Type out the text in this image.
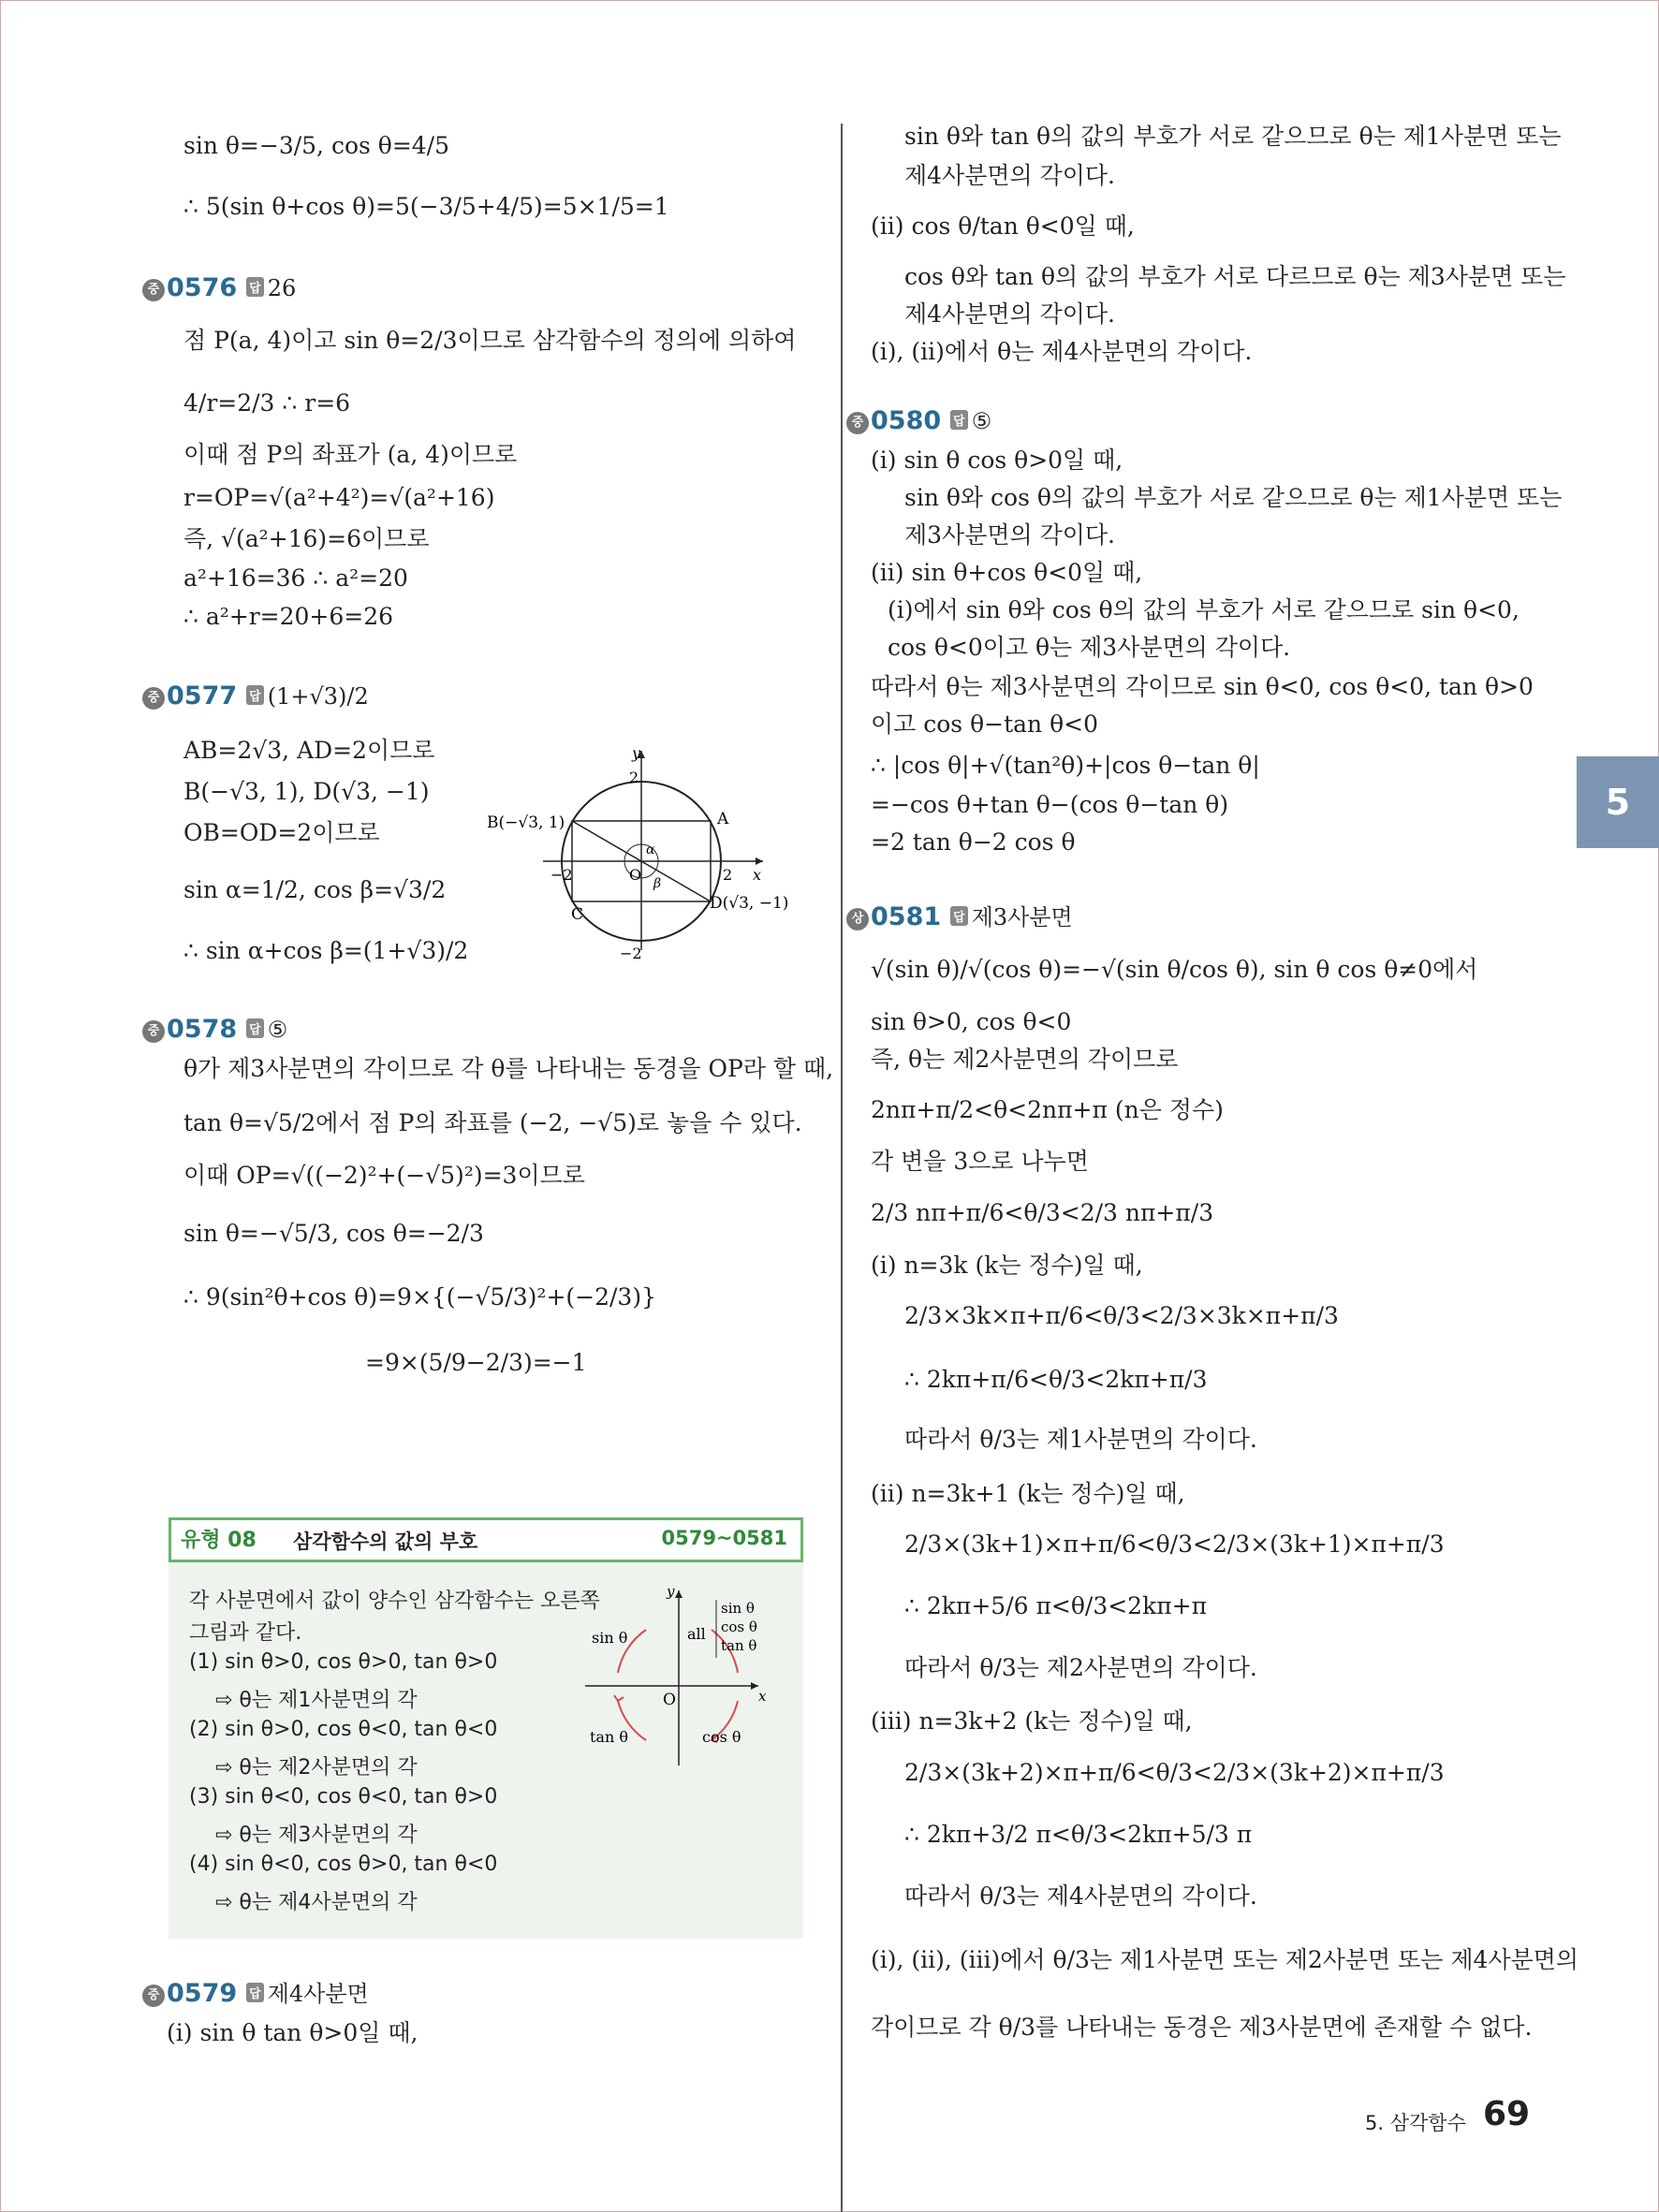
sin θ=−3/5, cos θ=4/5
∴ 5(sin θ+cos θ)=5(−3/5+4/5)=5×1/5=1
중 0576 답 26
점 P(a, 4)이고 sin θ=2/3이므로 삼각함수의 정의에 의하여
4/r=2/3 ∴ r=6
이때 점 P의 좌표가 (a, 4)이므로
r=OP=√(a²+4²)=√(a²+16)
즉, √(a²+16)=6이므로
a²+16=36 ∴ a²=20
∴ a²+r=20+6=26
중 0577 답 (1+√3)/2
AB=2√3, AD=2이므로
B(−√3, 1), D(√3, −1)
OB=OD=2이므로
sin α=1/2, cos β=√3/2
∴ sin α+cos β=(1+√3)/2
중 0578 답 ⑤
θ가 제3사분면의 각이므로 각 θ를 나타내는 동경을 OP라 할 때,
tan θ=√5/2에서 점 P의 좌표를 (−2, −√5)로 놓을 수 있다.
이때 OP=√((−2)²+(−√5)²)=3이므로
sin θ=−√5/3, cos θ=−2/3
∴ 9(sin²θ+cos θ)=9×{(−√5/3)²+(−2/3)}
=9×(5/9−2/3)=−1
중 0579 답 제4사분면
(i) sin θ tan θ>0일 때,
y
2
−2	2 x
−2
O
A
B(−√3, 1)
C
D(√3, −1)
α
β
유형 08 삼각함수의 값의 부호	0579~0581
각 사분면에서 값이 양수인 삼각함수는 오른쪽
그림과 같다.
(1) sin θ>0, cos θ>0, tan θ>0
⇨ θ는 제1사분면의 각
(2) sin θ>0, cos θ<0, tan θ<0
⇨ θ는 제2사분면의 각
(3) sin θ<0, cos θ<0, tan θ>0
⇨ θ는 제3사분면의 각
(4) sin θ<0, cos θ>0, tan θ<0
⇨ θ는 제4사분면의 각
y
x
O
sin θ	all
sin θ
cos θ
tan θ
tan θ	cos θ
sin θ와 tan θ의 값의 부호가 서로 같으므로 θ는 제1사분면 또는
제4사분면의 각이다.
(ii) cos θ/tan θ<0일 때,
cos θ와 tan θ의 값의 부호가 서로 다르므로 θ는 제3사분면 또는
제4사분면의 각이다.
(i), (ii)에서 θ는 제4사분면의 각이다.
중 0580 답 ⑤
(i) sin θ cos θ>0일 때,
sin θ와 cos θ의 값의 부호가 서로 같으므로 θ는 제1사분면 또는
제3사분면의 각이다.
(ii) sin θ+cos θ<0일 때,
(i)에서 sin θ와 cos θ의 값의 부호가 서로 같으므로 sin θ<0,
cos θ<0이고 θ는 제3사분면의 각이다.
따라서 θ는 제3사분면의 각이므로 sin θ<0, cos θ<0, tan θ>0
이고 cos θ−tan θ<0
∴ |cos θ|+√(tan²θ)+|cos θ−tan θ|
=−cos θ+tan θ−(cos θ−tan θ)
=2 tan θ−2 cos θ
상 0581 답 제3사분면
√(sin θ)/√(cos θ)=−√(sin θ/cos θ), sin θ cos θ≠0에서
sin θ>0, cos θ<0
즉, θ는 제2사분면의 각이므로
2nπ+π/2<θ<2nπ+π (n은 정수)
각 변을 3으로 나누면
2/3 nπ+π/6<θ/3<2/3 nπ+π/3
(i) n=3k (k는 정수)일 때,
2/3×3k×π+π/6<θ/3<2/3×3k×π+π/3
∴ 2kπ+π/6<θ/3<2kπ+π/3
따라서 θ/3는 제1사분면의 각이다.
(ii) n=3k+1 (k는 정수)일 때,
2/3×(3k+1)×π+π/6<θ/3<2/3×(3k+1)×π+π/3
∴ 2kπ+5/6 π<θ/3<2kπ+π
따라서 θ/3는 제2사분면의 각이다.
(iii) n=3k+2 (k는 정수)일 때,
2/3×(3k+2)×π+π/6<θ/3<2/3×(3k+2)×π+π/3
∴ 2kπ+3/2 π<θ/3<2kπ+5/3 π
따라서 θ/3는 제4사분면의 각이다.
(i), (ii), (iii)에서 θ/3는 제1사분면 또는 제2사분면 또는 제4사분면의
각이므로 각 θ/3를 나타내는 동경은 제3사분면에 존재할 수 없다.
5
5. 삼각함수 69
